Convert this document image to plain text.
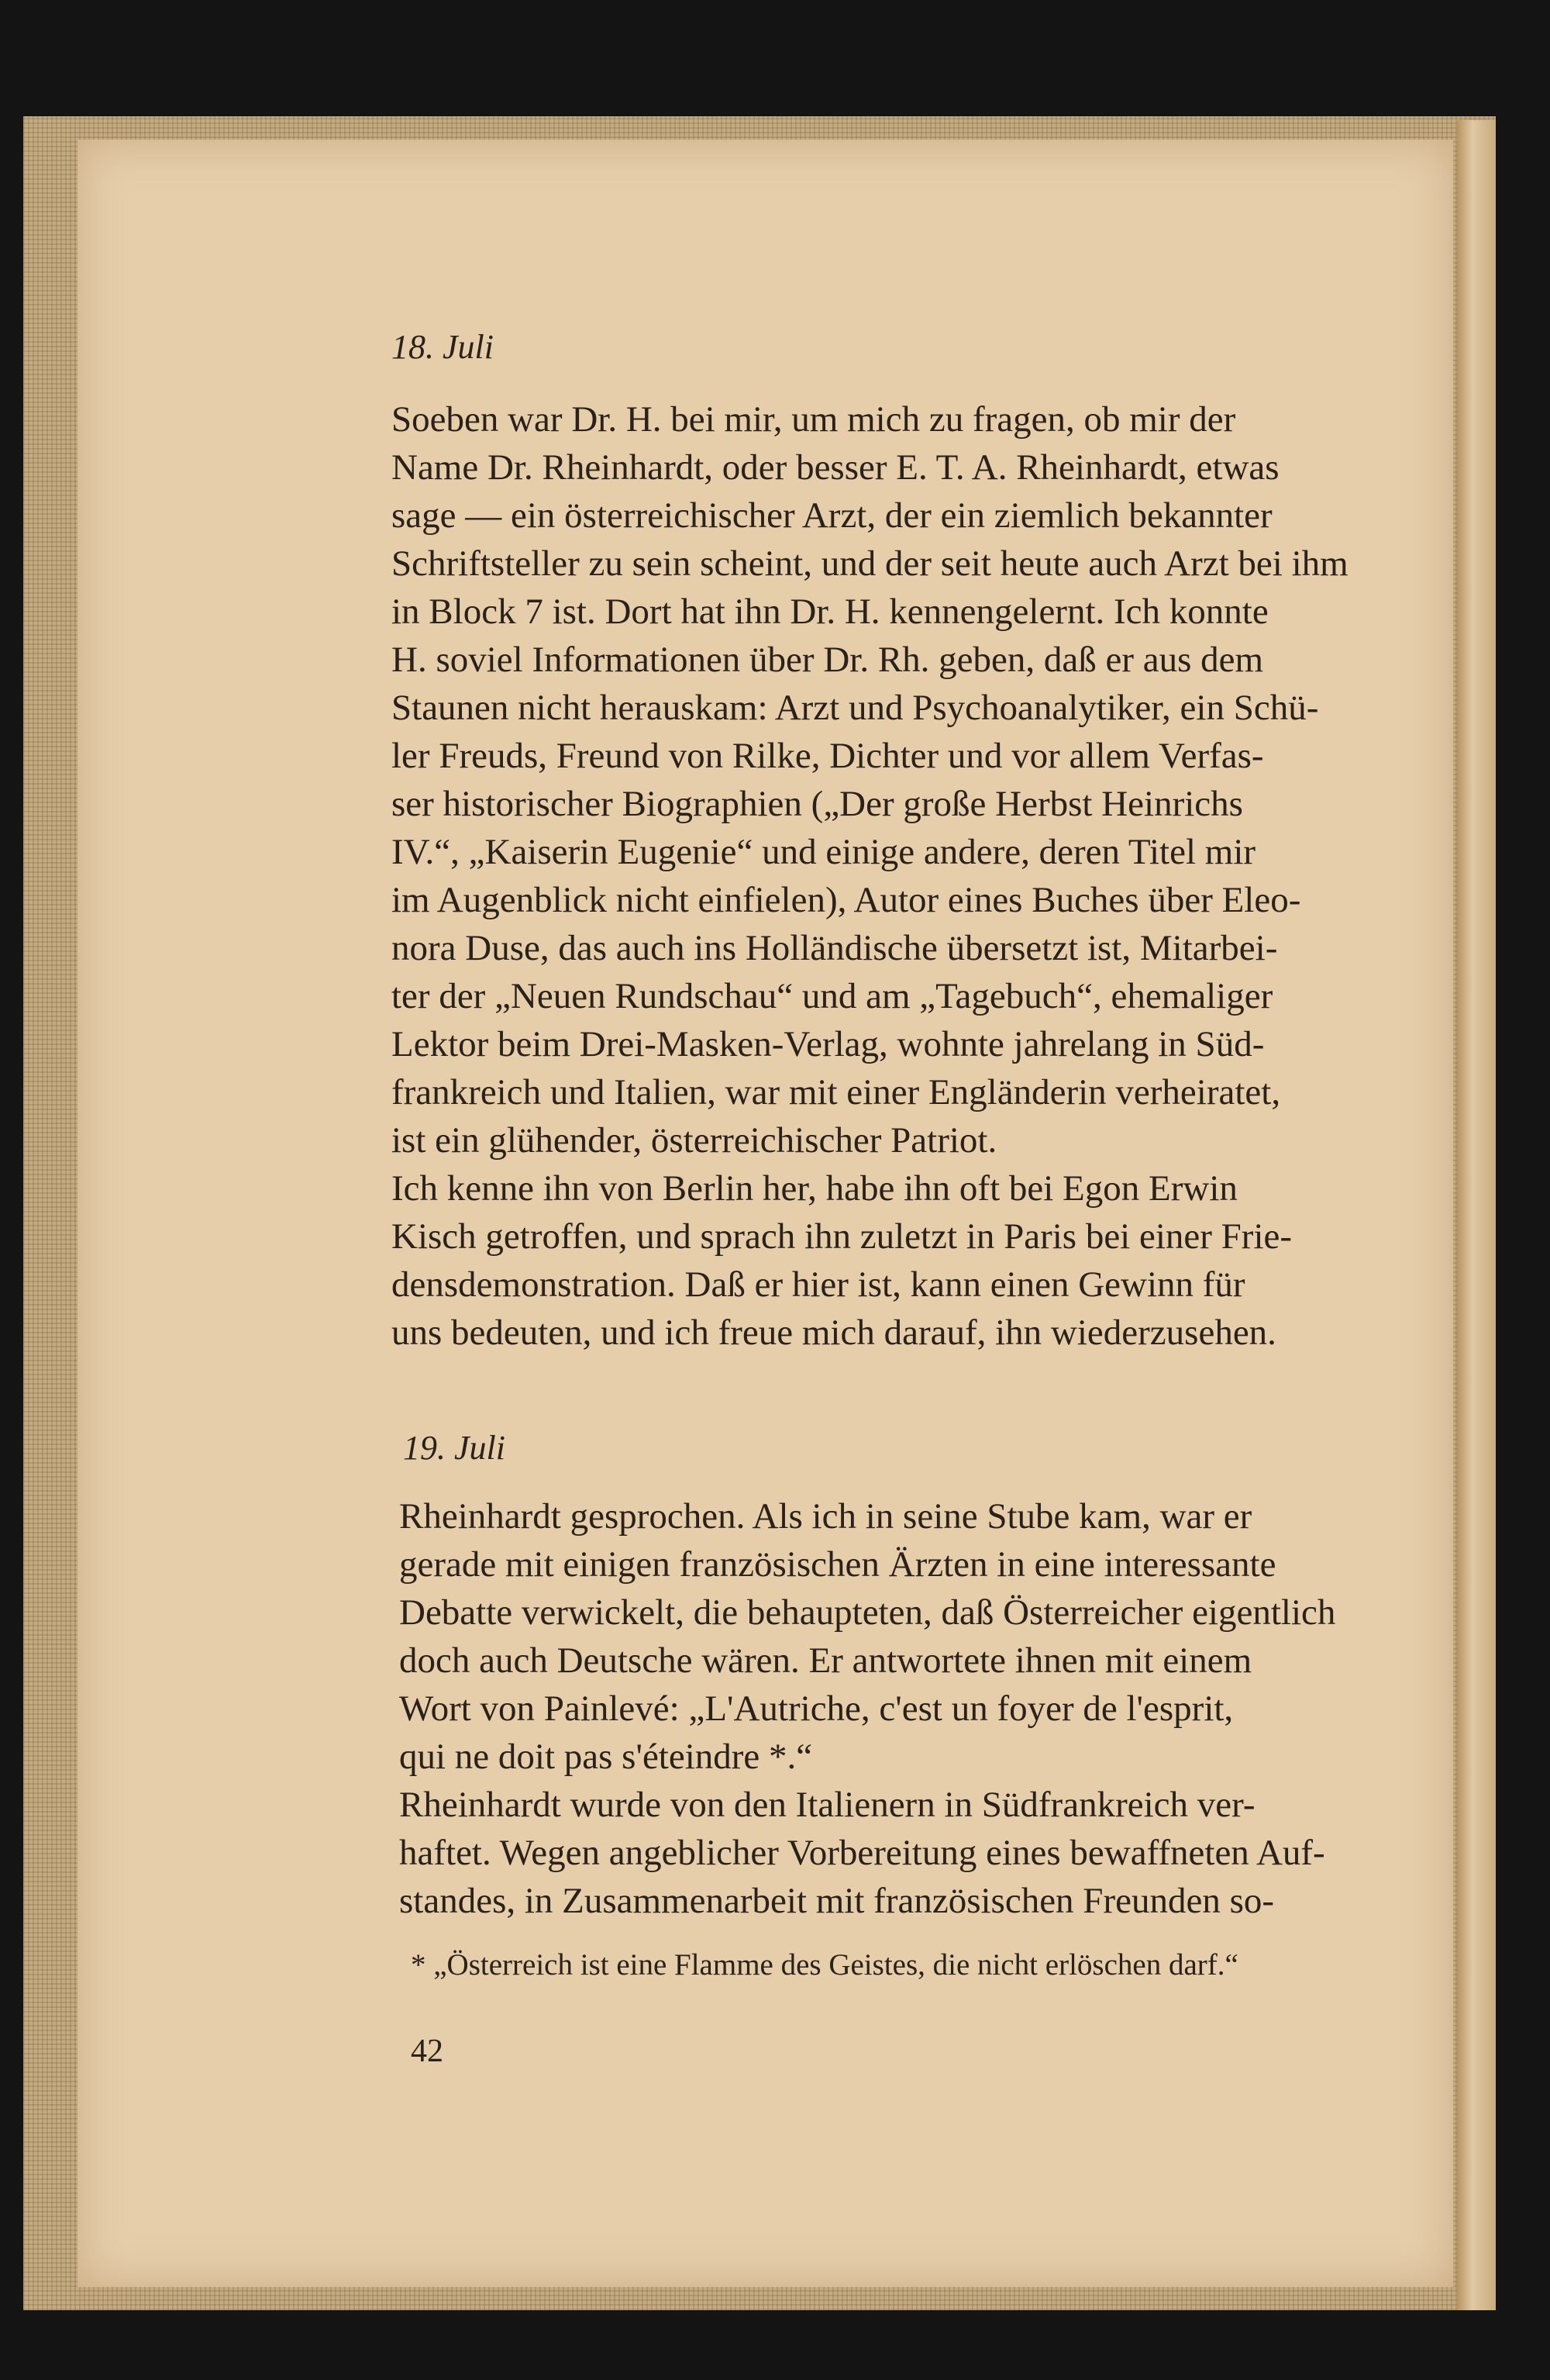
18. Juli
Soeben war Dr. H. bei mir, um mich zu fragen, ob mir der
Name Dr. Rheinhardt, oder besser E. T. A. Rheinhardt, etwas
sage — ein österreichischer Arzt, der ein ziemlich bekannter
Schriftsteller zu sein scheint, und der seit heute auch Arzt bei ihm
in Block 7 ist. Dort hat ihn Dr. H. kennengelernt. Ich konnte
H. soviel Informationen über Dr. Rh. geben, daß er aus dem
Staunen nicht herauskam: Arzt und Psychoanalytiker, ein Schü-
ler Freuds, Freund von Rilke, Dichter und vor allem Verfas-
ser historischer Biographien („Der große Herbst Heinrichs
IV.“, „Kaiserin Eugenie“ und einige andere, deren Titel mir
im Augenblick nicht einfielen), Autor eines Buches über Eleo-
nora Duse, das auch ins Holländische übersetzt ist, Mitarbei-
ter der „Neuen Rundschau“ und am „Tagebuch“, ehemaliger
Lektor beim Drei-Masken-Verlag, wohnte jahrelang in Süd-
frankreich und Italien, war mit einer Engländerin verheiratet,
ist ein glühender, österreichischer Patriot.
Ich kenne ihn von Berlin her, habe ihn oft bei Egon Erwin
Kisch getroffen, und sprach ihn zuletzt in Paris bei einer Frie-
densdemonstration. Daß er hier ist, kann einen Gewinn für
uns bedeuten, und ich freue mich darauf, ihn wiederzusehen.
19. Juli
Rheinhardt gesprochen. Als ich in seine Stube kam, war er
gerade mit einigen französischen Ärzten in eine interessante
Debatte verwickelt, die behaupteten, daß Österreicher eigentlich
doch auch Deutsche wären. Er antwortete ihnen mit einem
Wort von Painlevé: „L'Autriche, c'est un foyer de l'esprit,
qui ne doit pas s'éteindre *.“
Rheinhardt wurde von den Italienern in Südfrankreich ver-
haftet. Wegen angeblicher Vorbereitung eines bewaffneten Auf-
standes, in Zusammenarbeit mit französischen Freunden so-
* „Österreich ist eine Flamme des Geistes, die nicht erlöschen darf.“
42
